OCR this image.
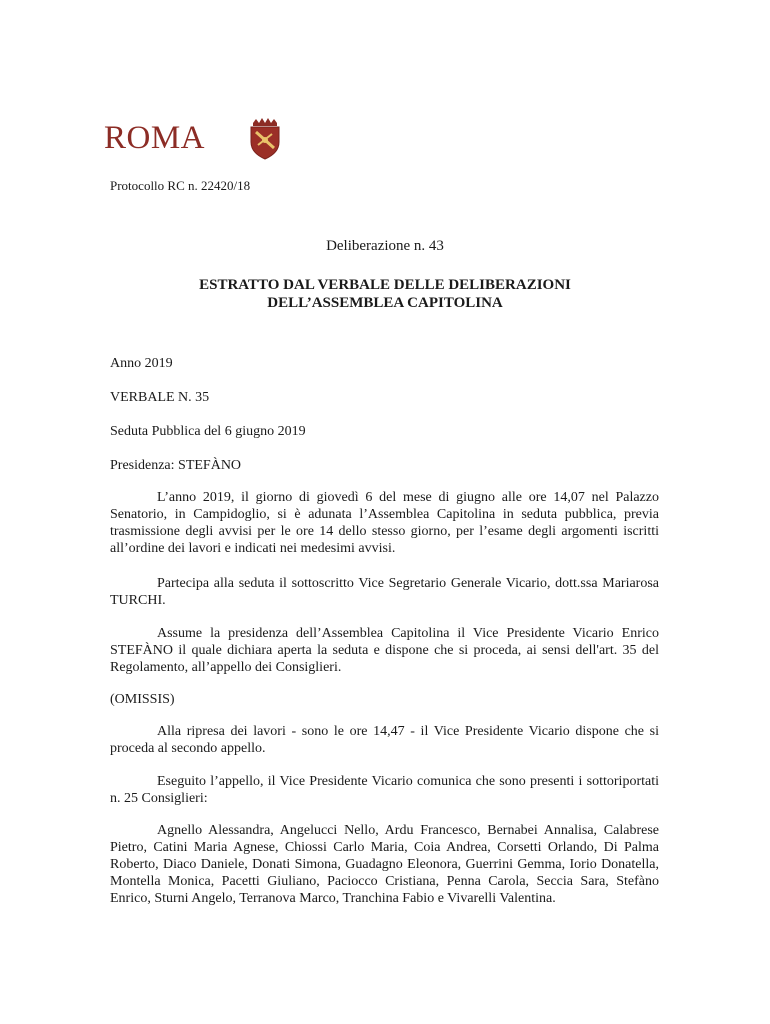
ROMA
Protocollo RC n. 22420/18
Deliberazione n. 43
ESTRATTO DAL VERBALE DELLE DELIBERAZIONI
DELL’ASSEMBLEA CAPITOLINA
Anno 2019
VERBALE N. 35
Seduta Pubblica del 6 giugno 2019
Presidenza: STEFÀNO

L’anno 2019, il giorno di giovedì 6 del mese di giugno alle ore 14,07 nel Palazzo Senatorio, in Campidoglio, si è adunata l’Assemblea Capitolina in seduta pubblica, previa trasmissione degli avvisi per le ore 14 dello stesso giorno, per l’esame degli argomenti iscritti all’ordine dei lavori e indicati nei medesimi avvisi.

Partecipa alla seduta il sottoscritto Vice Segretario Generale Vicario, dott.ssa Mariarosa TURCHI.

Assume la presidenza dell’Assemblea Capitolina il Vice Presidente Vicario Enrico STEFÀNO il quale dichiara aperta la seduta e dispone che si proceda, ai sensi dell'art. 35 del Regolamento, all’appello dei Consiglieri.

(OMISSIS)

Alla ripresa dei lavori - sono le ore 14,47 - il Vice Presidente Vicario dispone che si proceda al secondo appello.

Eseguito l’appello, il Vice Presidente Vicario comunica che sono presenti i sottoriportati n. 25 Consiglieri:

Agnello Alessandra, Angelucci Nello, Ardu Francesco, Bernabei Annalisa, Calabrese Pietro, Catini Maria Agnese, Chiossi Carlo Maria, Coia Andrea, Corsetti Orlando, Di Palma Roberto, Diaco Daniele, Donati Simona, Guadagno Eleonora, Guerrini Gemma, Iorio Donatella, Montella Monica, Pacetti Giuliano, Paciocco Cristiana, Penna Carola, Seccia Sara, Stefàno Enrico, Sturni Angelo, Terranova Marco, Tranchina Fabio e Vivarelli Valentina.
